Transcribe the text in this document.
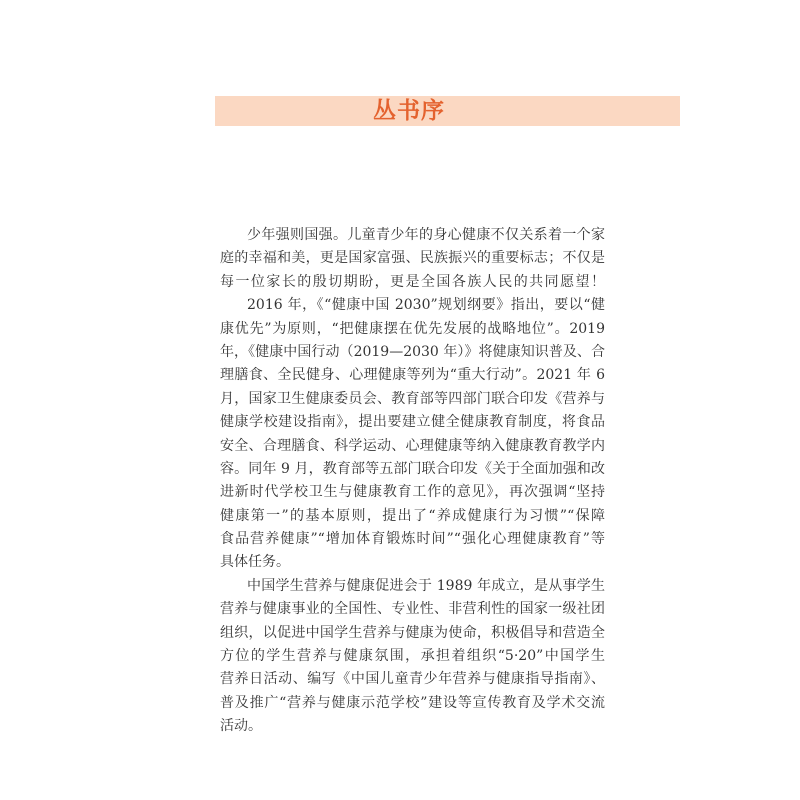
丛书序
少年强则国强。儿童青少年的身心健康不仅关系着一个家
庭的幸福和美，更是国家富强、民族振兴的重要标志；不仅是
每一位家长的殷切期盼，更是全国各族人民的共同愿望！
2016 年，《“健康中国 2030”规划纲要》指出，要以“健
康优先”为原则，“把健康摆在优先发展的战略地位”。2019
年，《健康中国行动（2019—2030 年）》将健康知识普及、合
理膳食、全民健身、心理健康等列为“重大行动”。2021 年 6
月，国家卫生健康委员会、教育部等四部门联合印发《营养与
健康学校建设指南》，提出要建立健全健康教育制度，将食品
安全、合理膳食、科学运动、心理健康等纳入健康教育教学内
容。同年 9 月，教育部等五部门联合印发《关于全面加强和改
进新时代学校卫生与健康教育工作的意见》，再次强调“坚持
健康第一”的基本原则，提出了“养成健康行为习惯”“保障
食品营养健康”“增加体育锻炼时间”“强化心理健康教育”等
具体任务。
中国学生营养与健康促进会于 1989 年成立，是从事学生
营养与健康事业的全国性、专业性、非营利性的国家一级社团
组织，以促进中国学生营养与健康为使命，积极倡导和营造全
方位的学生营养与健康氛围，承担着组织“5·20”中国学生
营养日活动、编写《中国儿童青少年营养与健康指导指南》、
普及推广“营养与健康示范学校”建设等宣传教育及学术交流
活动。
